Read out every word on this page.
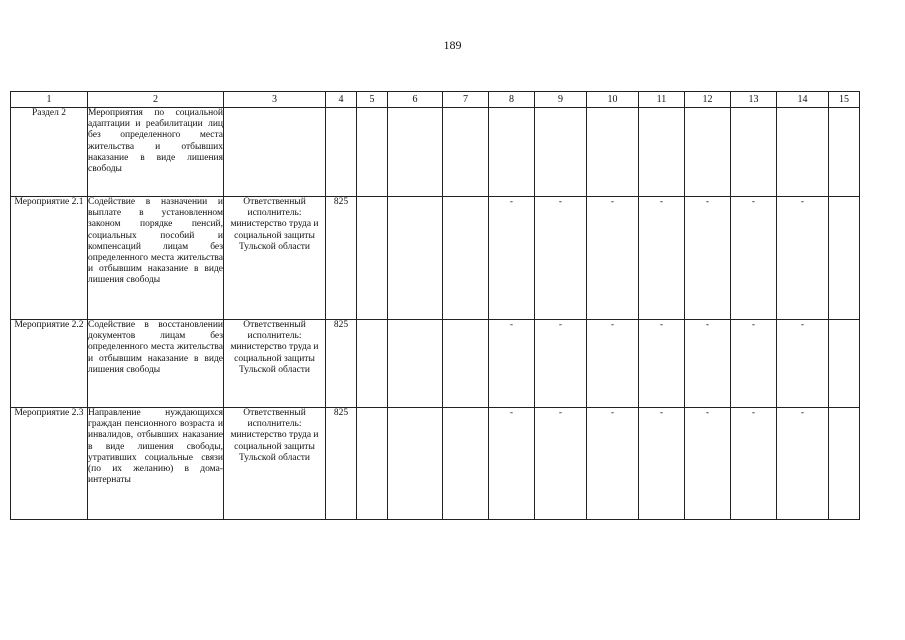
189
1	2	3	4	5	6	7	8	9	10	11	12	13	14	15
Раздел 2	Мероприятия по социальной адаптации и реабилитации лиц без определенного места жительства и отбывших наказание в виде лишения свободы													
Мероприятие 2.1	Содействие в назначении и выплате в установленном законом порядке пенсий, социальных пособий и компенсаций лицам без определенного места жительства и отбывшим наказание в виде лишения свободы	Ответственный исполнитель: министерство труда и социальной защиты Тульской области	825				-	-	-	-	-	-	-	
Мероприятие 2.2	Содействие в восстановлении документов лицам без определенного места жительства и отбывшим наказание в виде лишения свободы	Ответственный исполнитель: министерство труда и социальной защиты Тульской области	825				-	-	-	-	-	-	-	
Мероприятие 2.3	Направление нуждающихся граждан пенсионного возраста и инвалидов, отбывших наказание в виде лишения свободы, утративших социальные связи (по их желанию) в дома-интернаты	Ответственный исполнитель: министерство труда и социальной защиты Тульской области	825				-	-	-	-	-	-	-	
